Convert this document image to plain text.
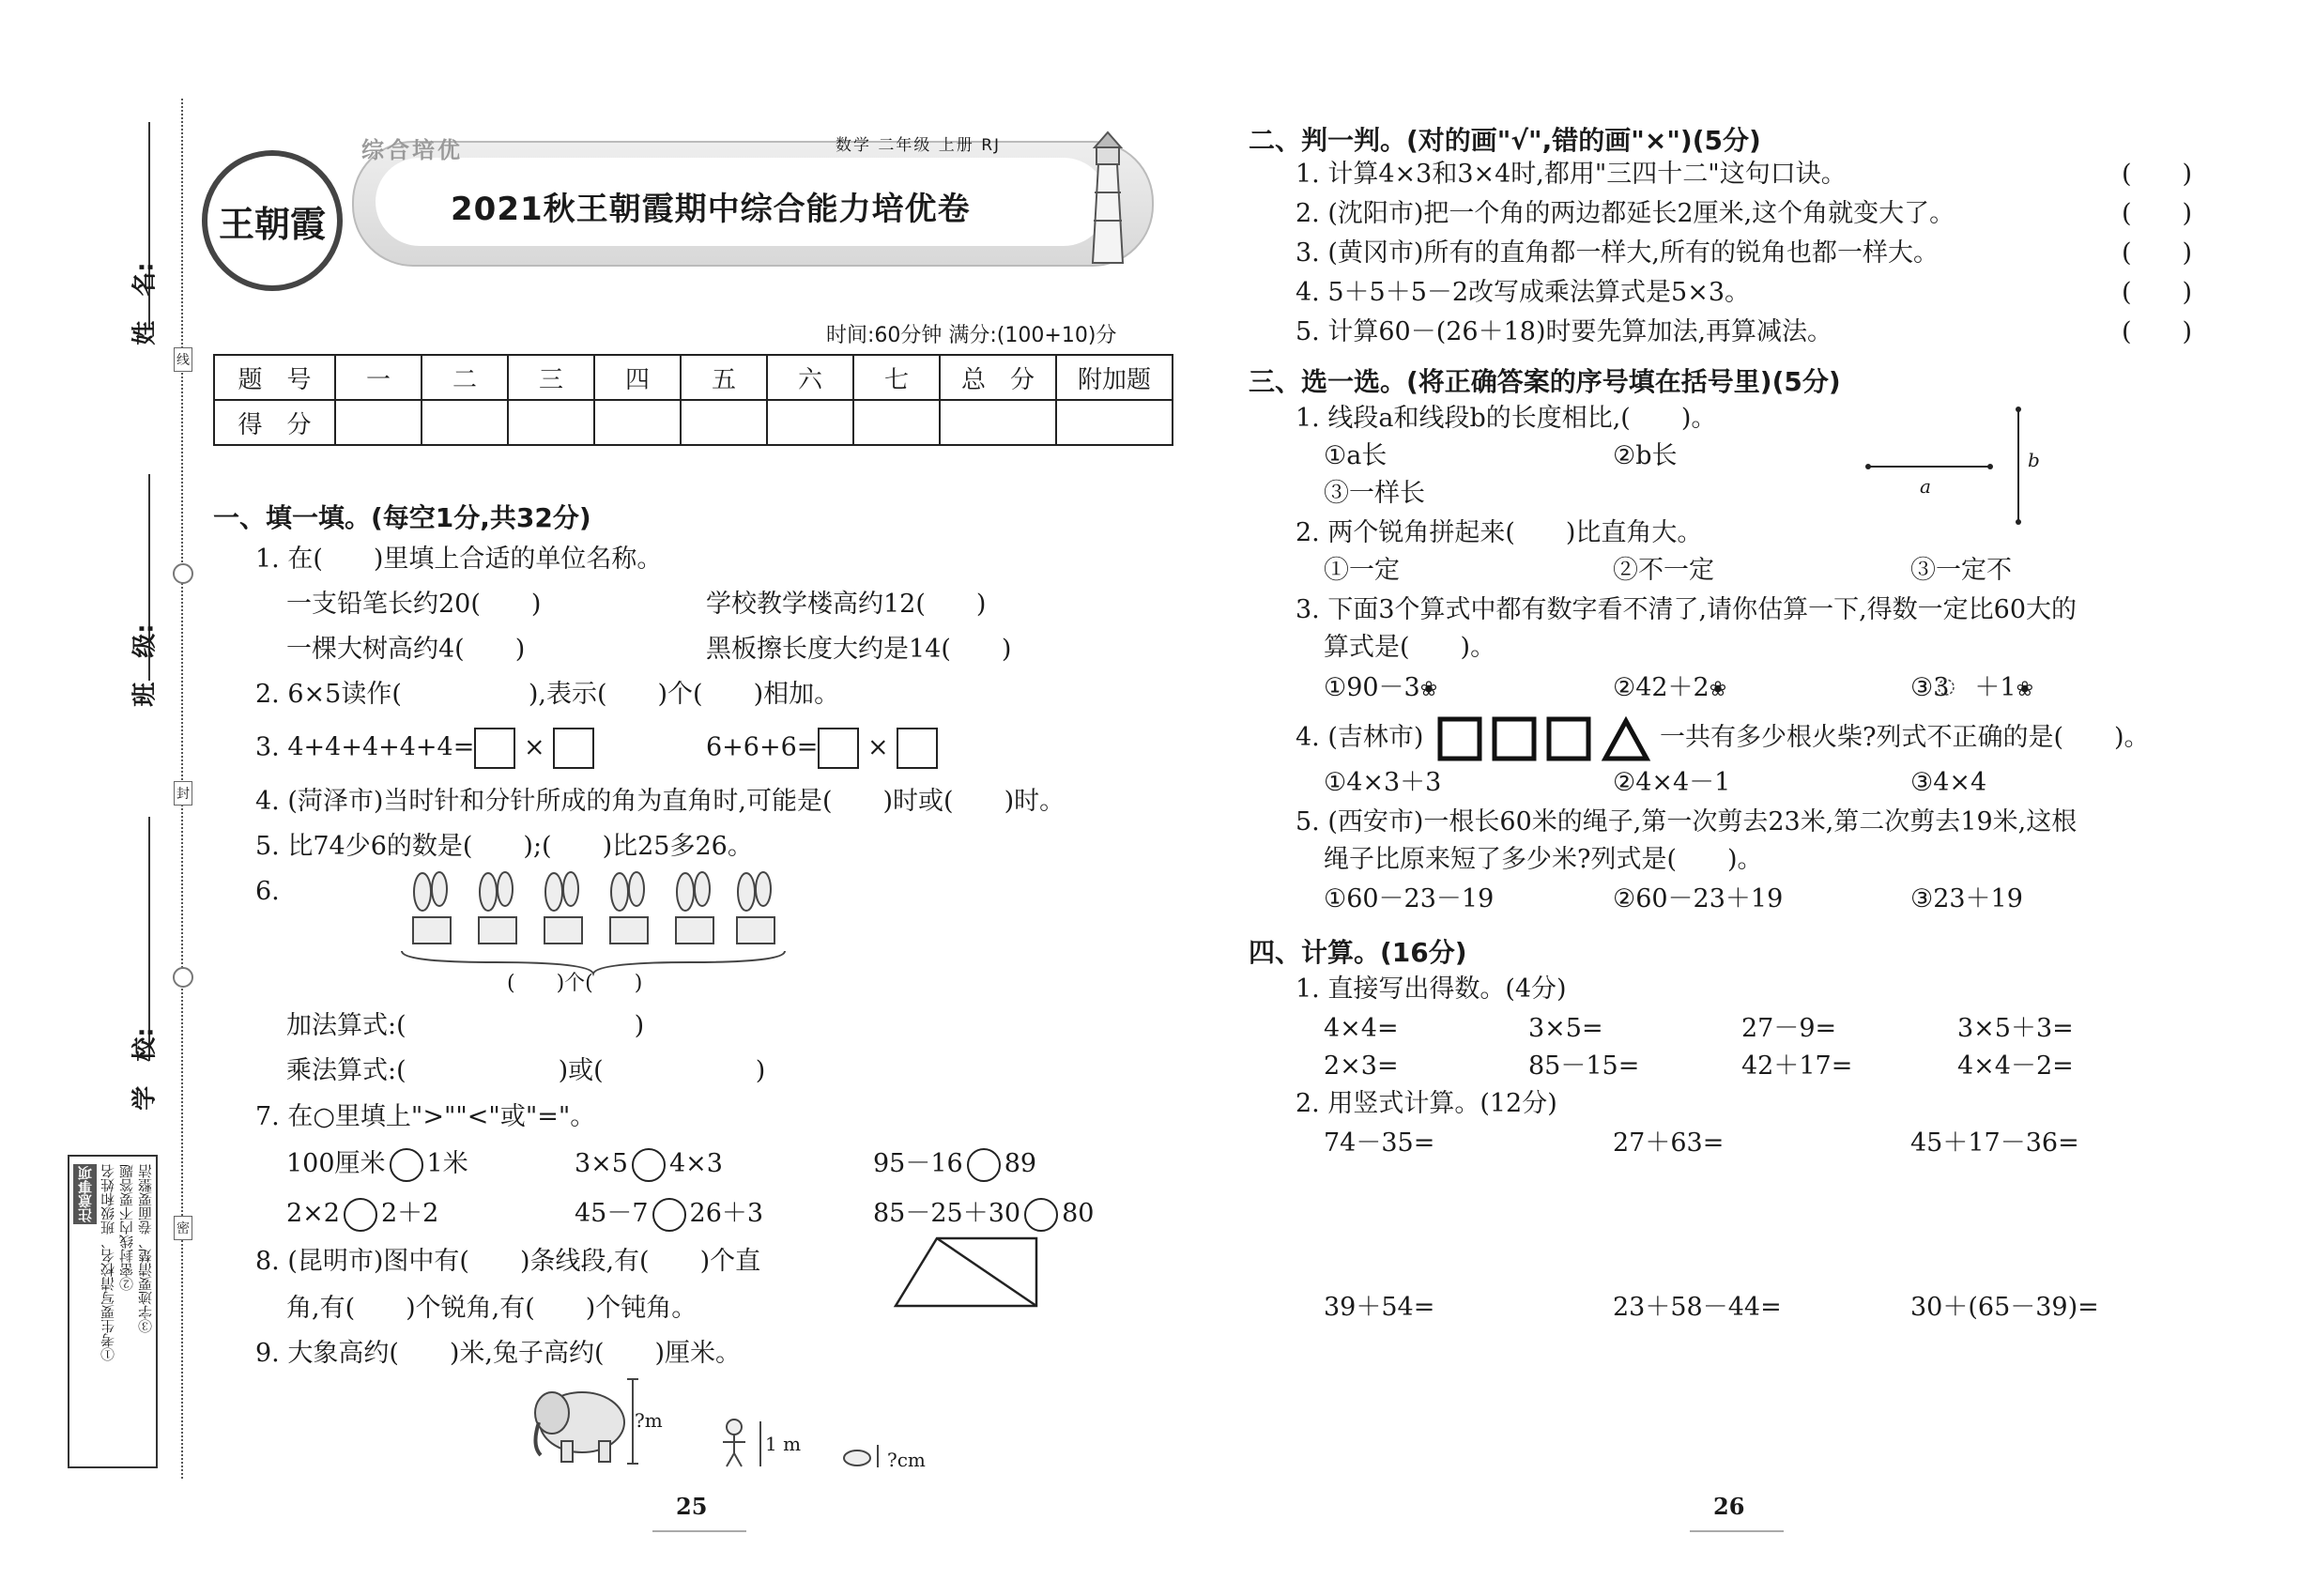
姓　名:
班　级:
学　校:
线
封
密
注意事项 ①考生要写清校名、班级和姓名 ②密封线内不要答题 ③字迹要清楚、卷面要整洁
综合培优	数学 二年级 上册 RJ
王朝霞	2021秋王朝霞期中综合能力培优卷
时间:60分钟 满分:(100+10)分
题　号	一	二	三	四	五	六	七	总　分	附加题
得　分									
一、填一填。(每空1分,共32分)
1. 在(　　)里填上合适的单位名称。
一支铅笔长约20(　　)	学校教学楼高约12(　　)
一棵大树高约4(　　)	黑板擦长度大约是14(　　)
2. 6×5读作(　　　　　),表示(　　)个(　　)相加。
3. 4+4+4+4+4= ×	6+6+6= ×
4. (菏泽市)当时针和分针所成的角为直角时,可能是(　　)时或(　　)时。
5. 比74少6的数是(　　);(　　)比25多26。
6.
(　　)个(　　)
加法算式:(　　　　　　　　　)
乘法算式:(　　　　　　)或(　　　　　　)
7. 在○里填上">""<"或"="。
100厘米 1米	3×5 4×3	95－16 89
2×2 2＋2	45－7 26＋3	85－25＋30 80
8. (昆明市)图中有(　　)条线段,有(　　)个直
角,有(　　)个锐角,有(　　)个钝角。
9. 大象高约(　　)米,兔子高约(　　)厘米。
?m
1 m
?cm
25
二、判一判。(对的画"√",错的画"×")(5分)
1. 计算4×3和3×4时,都用"三四十二"这句口诀。
2. (沈阳市)把一个角的两边都延长2厘米,这个角就变大了。
3. (黄冈市)所有的直角都一样大,所有的锐角也都一样大。
4. 5＋5＋5－2改写成乘法算式是5×3。
5. 计算60－(26＋18)时要先算加法,再算减法。
(　　)
(　　)
(　　)
(　　)
(　　)
三、选一选。(将正确答案的序号填在括号里)(5分)
1. 线段a和线段b的长度相比,(　　)。
①a长	②b长
③一样长	a
b
2. 两个锐角拼起来(　　)比直角大。
①一定	②不一定	③一定不
3. 下面3个算式中都有数字看不清了,请你估算一下,得数一定比60大的
算式是(　　)。
①90－3❀	②42＋2❀	③3　＋1❀
4. (吉林市)	一共有多少根火柴?列式不正确的是(　　)。
①4×3＋3	②4×4－1	③4×4
5. (西安市)一根长60米的绳子,第一次剪去23米,第二次剪去19米,这根
绳子比原来短了多少米?列式是(　　)。
①60－23－19	②60－23＋19	③23＋19
四、计算。(16分)
1. 直接写出得数。(4分)
4×4=	3×5=	27－9=	3×5＋3=
2×3=	85－15=	42＋17=	4×4－2=
2. 用竖式计算。(12分)
74－35=	27＋63=	45＋17－36=
39＋54=	23＋58－44=	30＋(65－39)=
26
